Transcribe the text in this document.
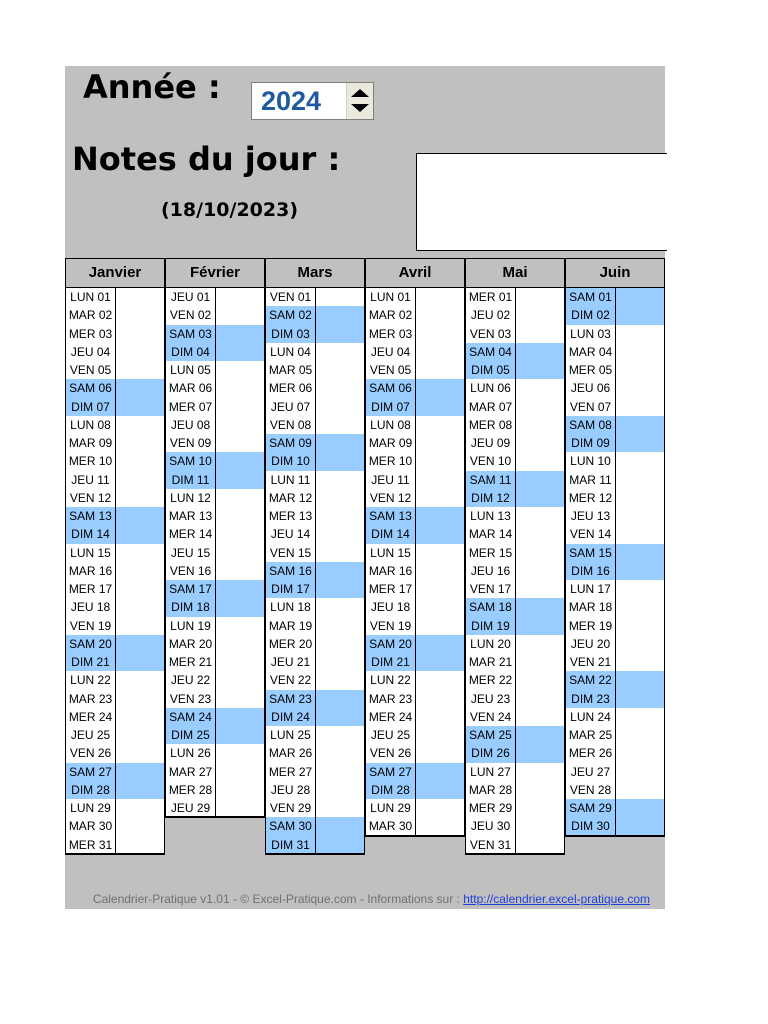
Année : 2024
Notes du jour :
(18/10/2023)
Janvier
LUN 01
MAR 02
MER 03
JEU 04
VEN 05
SAM 06
DIM 07
LUN 08
MAR 09
MER 10
JEU 11
VEN 12
SAM 13
DIM 14
LUN 15
MAR 16
MER 17
JEU 18
VEN 19
SAM 20
DIM 21
LUN 22
MAR 23
MER 24
JEU 25
VEN 26
SAM 27
DIM 28
LUN 29
MAR 30
MER 31
Février
JEU 01
VEN 02
SAM 03
DIM 04
LUN 05
MAR 06
MER 07
JEU 08
VEN 09
SAM 10
DIM 11
LUN 12
MAR 13
MER 14
JEU 15
VEN 16
SAM 17
DIM 18
LUN 19
MAR 20
MER 21
JEU 22
VEN 23
SAM 24
DIM 25
LUN 26
MAR 27
MER 28
JEU 29
Mars
VEN 01
SAM 02
DIM 03
LUN 04
MAR 05
MER 06
JEU 07
VEN 08
SAM 09
DIM 10
LUN 11
MAR 12
MER 13
JEU 14
VEN 15
SAM 16
DIM 17
LUN 18
MAR 19
MER 20
JEU 21
VEN 22
SAM 23
DIM 24
LUN 25
MAR 26
MER 27
JEU 28
VEN 29
SAM 30
DIM 31
Avril
LUN 01
MAR 02
MER 03
JEU 04
VEN 05
SAM 06
DIM 07
LUN 08
MAR 09
MER 10
JEU 11
VEN 12
SAM 13
DIM 14
LUN 15
MAR 16
MER 17
JEU 18
VEN 19
SAM 20
DIM 21
LUN 22
MAR 23
MER 24
JEU 25
VEN 26
SAM 27
DIM 28
LUN 29
MAR 30
Mai
MER 01
JEU 02
VEN 03
SAM 04
DIM 05
LUN 06
MAR 07
MER 08
JEU 09
VEN 10
SAM 11
DIM 12
LUN 13
MAR 14
MER 15
JEU 16
VEN 17
SAM 18
DIM 19
LUN 20
MAR 21
MER 22
JEU 23
VEN 24
SAM 25
DIM 26
LUN 27
MAR 28
MER 29
JEU 30
VEN 31
Juin
SAM 01
DIM 02
LUN 03
MAR 04
MER 05
JEU 06
VEN 07
SAM 08
DIM 09
LUN 10
MAR 11
MER 12
JEU 13
VEN 14
SAM 15
DIM 16
LUN 17
MAR 18
MER 19
JEU 20
VEN 21
SAM 22
DIM 23
LUN 24
MAR 25
MER 26
JEU 27
VEN 28
SAM 29
DIM 30
Calendrier-Pratique v1.01 - © Excel-Pratique.com - Informations sur : http://calendrier.excel-pratique.com
